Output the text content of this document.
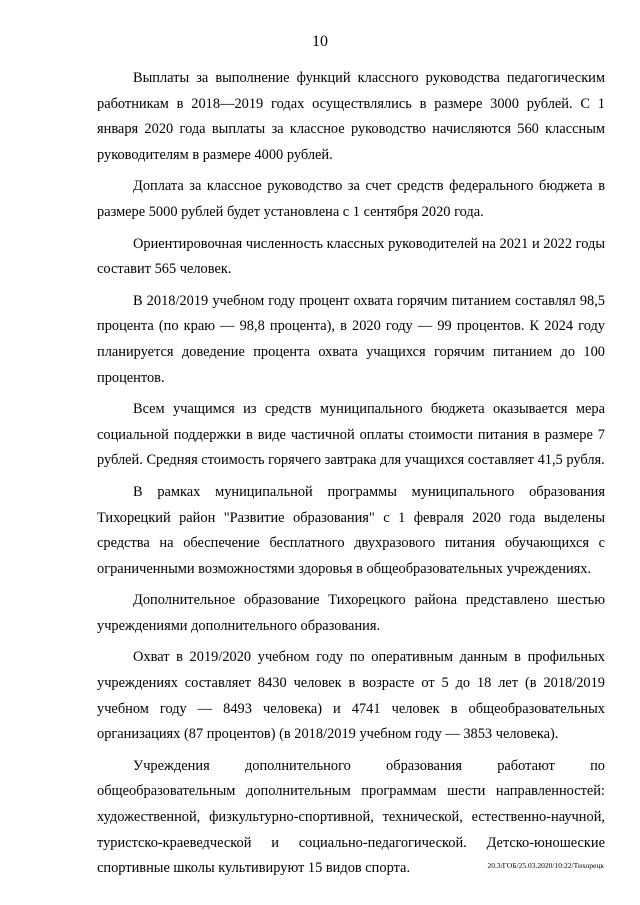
10

Выплаты за выполнение функций классного руководства педагогическим работникам в 2018—2019 годах осуществлялись в размере 3000 рублей. С 1 января 2020 года выплаты за классное руководство начисляются 560 классным руководителям в размере 4000 рублей.

Доплата за классное руководство за счет средств федерального бюджета в размере 5000 рублей будет установлена с 1 сентября 2020 года.

Ориентировочная численность классных руководителей на 2021 и 2022 годы составит 565 человек.

В 2018/2019 учебном году процент охвата горячим питанием составлял 98,5 процента (по краю — 98,8 процента), в 2020 году — 99 процентов. К 2024 году планируется доведение процента охвата учащихся горячим питанием до 100 процентов.

Всем учащимся из средств муниципального бюджета оказывается мера социальной поддержки в виде частичной оплаты стоимости питания в размере 7 рублей. Средняя стоимость горячего завтрака для учащихся составляет 41,5 рубля.

В рамках муниципальной программы муниципального образования Тихорецкий район "Развитие образования" с 1 февраля 2020 года выделены средства на обеспечение бесплатного двухразового питания обучающихся с ограниченными возможностями здоровья в общеобразовательных учреждениях.

Дополнительное образование Тихорецкого района представлено шестью учреждениями дополнительного образования.

Охват в 2019/2020 учебном году по оперативным данным в профильных учреждениях составляет 8430 человек в возрасте от 5 до 18 лет (в 2018/2019 учебном году — 8493 человека) и 4741 человек в общеобразовательных организациях (87 процентов) (в 2018/2019 учебном году — 3853 человека).

Учреждения дополнительного образования работают по общеобразовательным дополнительным программам шести направленностей: художественной, физкультурно-спортивной, технической, естественно-научной, туристско-краеведческой и социально-педагогической. Детско-юношеские спортивные школы культивируют 15 видов спорта.	20.3/ГОБ/25.03.2020/10:22/Тихорецк
